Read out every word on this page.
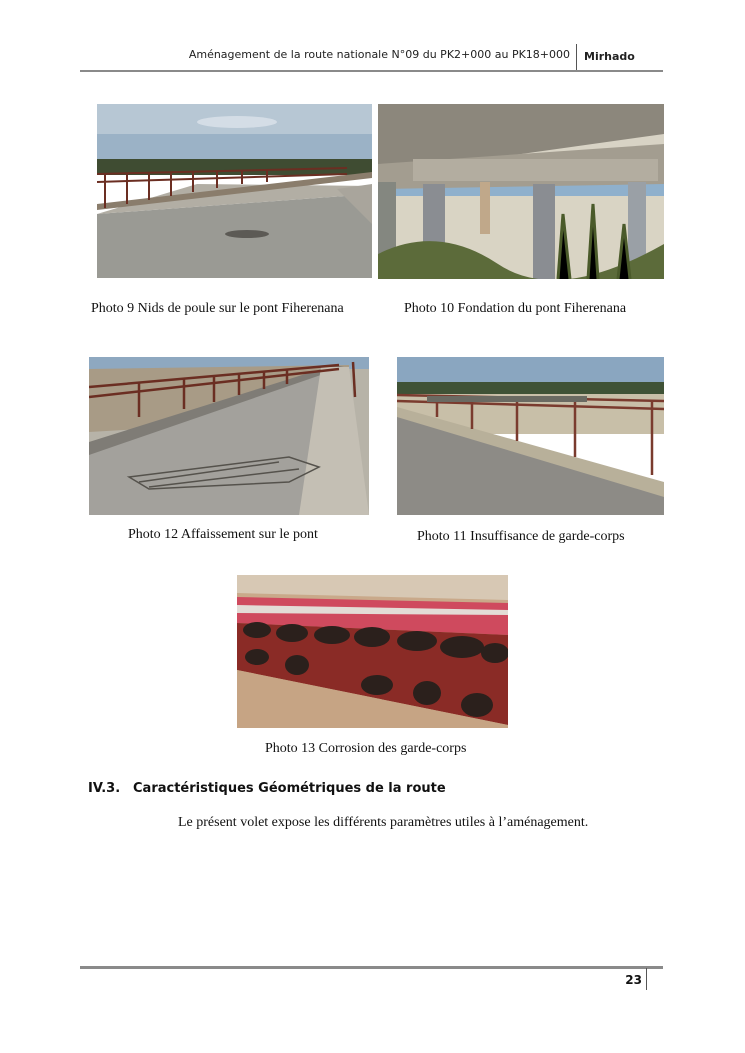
Aménagement de la route nationale N°09 du PK2+000 au PK18+000 Mirhado
Photo 9 Nids de poule sur le pont Fiherenana	Photo 10 Fondation du pont Fiherenana
Photo 12 Affaissement sur le pont	Photo 11 Insuffisance de garde-corps
Photo 13 Corrosion des garde-corps
IV.3. Caractéristiques Géométriques de la route
Le présent volet expose les différents paramètres utiles à l’aménagement.
23
